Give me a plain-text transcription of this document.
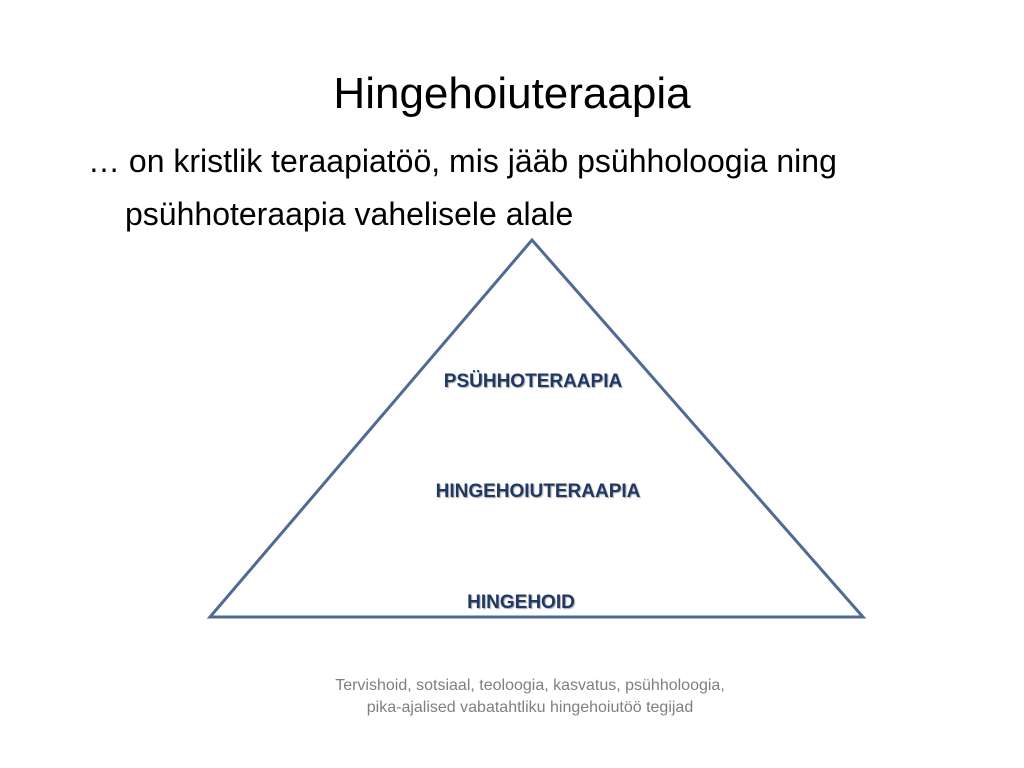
Hingehoiuteraapia
… on kristlik teraapiatöö, mis jääb psühholoogia ning psühhoteraapia vahelisele alale
PSÜHHOTERAAPIA
HINGEHOIUTERAAPIA
HINGEHOID
Tervishoid, sotsiaal, teoloogia, kasvatus, psühholoogia,
pika-ajalised vabatahtliku hingehoiutöö tegijad
